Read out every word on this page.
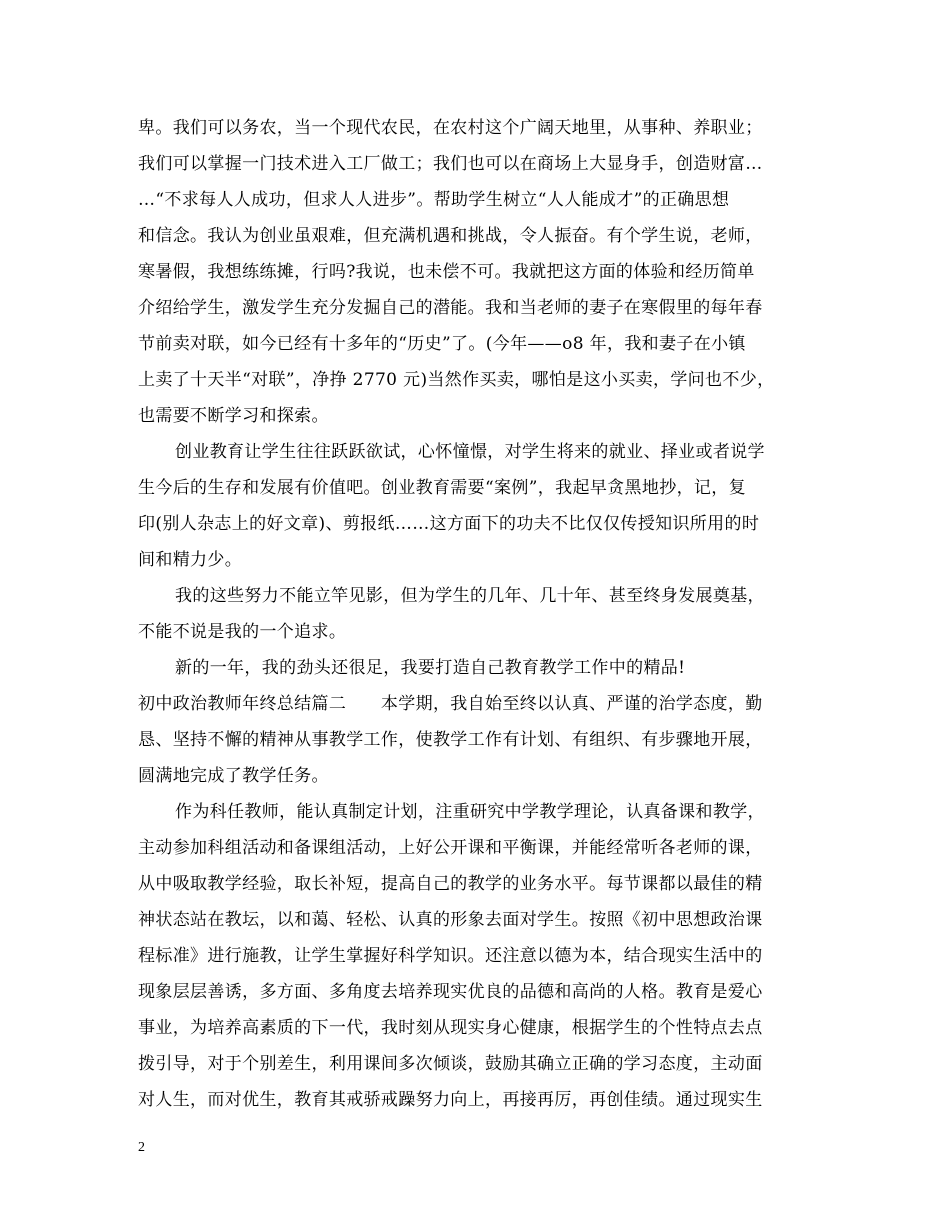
卑。我们可以务农，当一个现代农民，在农村这个广阔天地里，从事种、养职业；
我们可以掌握一门技术进入工厂做工；我们也可以在商场上大显身手，创造财富…
…“不求每人人成功，但求人人进步”。帮助学生树立“人人能成才”的正确思想
和信念。我认为创业虽艰难，但充满机遇和挑战，令人振奋。有个学生说，老师，
寒暑假，我想练练摊，行吗?我说，也未偿不可。我就把这方面的体验和经历简单
介绍给学生，激发学生充分发掘自己的潜能。我和当老师的妻子在寒假里的每年春
节前卖对联，如今已经有十多年的“历史”了。(今年——o8 年，我和妻子在小镇
上卖了十天半“对联”，净挣 2770 元)当然作买卖，哪怕是这小买卖，学问也不少，
也需要不断学习和探索。
创业教育让学生往往跃跃欲试，心怀憧憬，对学生将来的就业、择业或者说学
生今后的生存和发展有价值吧。创业教育需要“案例”，我起早贪黑地抄，记，复
印(别人杂志上的好文章)、剪报纸……这方面下的功夫不比仅仅传授知识所用的时
间和精力少。
我的这些努力不能立竿见影，但为学生的几年、几十年、甚至终身发展奠基，
不能不说是我的一个追求。
新的一年，我的劲头还很足，我要打造自己教育教学工作中的精品!
初中政治教师年终总结篇二　　本学期，我自始至终以认真、严谨的治学态度，勤
恳、坚持不懈的精神从事教学工作，使教学工作有计划、有组织、有步骤地开展，
圆满地完成了教学任务。
作为科任教师，能认真制定计划，注重研究中学教学理论，认真备课和教学，
主动参加科组活动和备课组活动，上好公开课和平衡课，并能经常听各老师的课，
从中吸取教学经验，取长补短，提高自己的教学的业务水平。每节课都以最佳的精
神状态站在教坛，以和蔼、轻松、认真的形象去面对学生。按照《初中思想政治课
程标准》进行施教，让学生掌握好科学知识。还注意以德为本，结合现实生活中的
现象层层善诱，多方面、多角度去培养现实优良的品德和高尚的人格。教育是爱心
事业，为培养高素质的下一代，我时刻从现实身心健康，根据学生的个性特点去点
拨引导，对于个别差生，利用课间多次倾谈，鼓励其确立正确的学习态度，主动面
对人生，而对优生，教育其戒骄戒躁努力向上，再接再厉，再创佳绩。通过现实生
2
